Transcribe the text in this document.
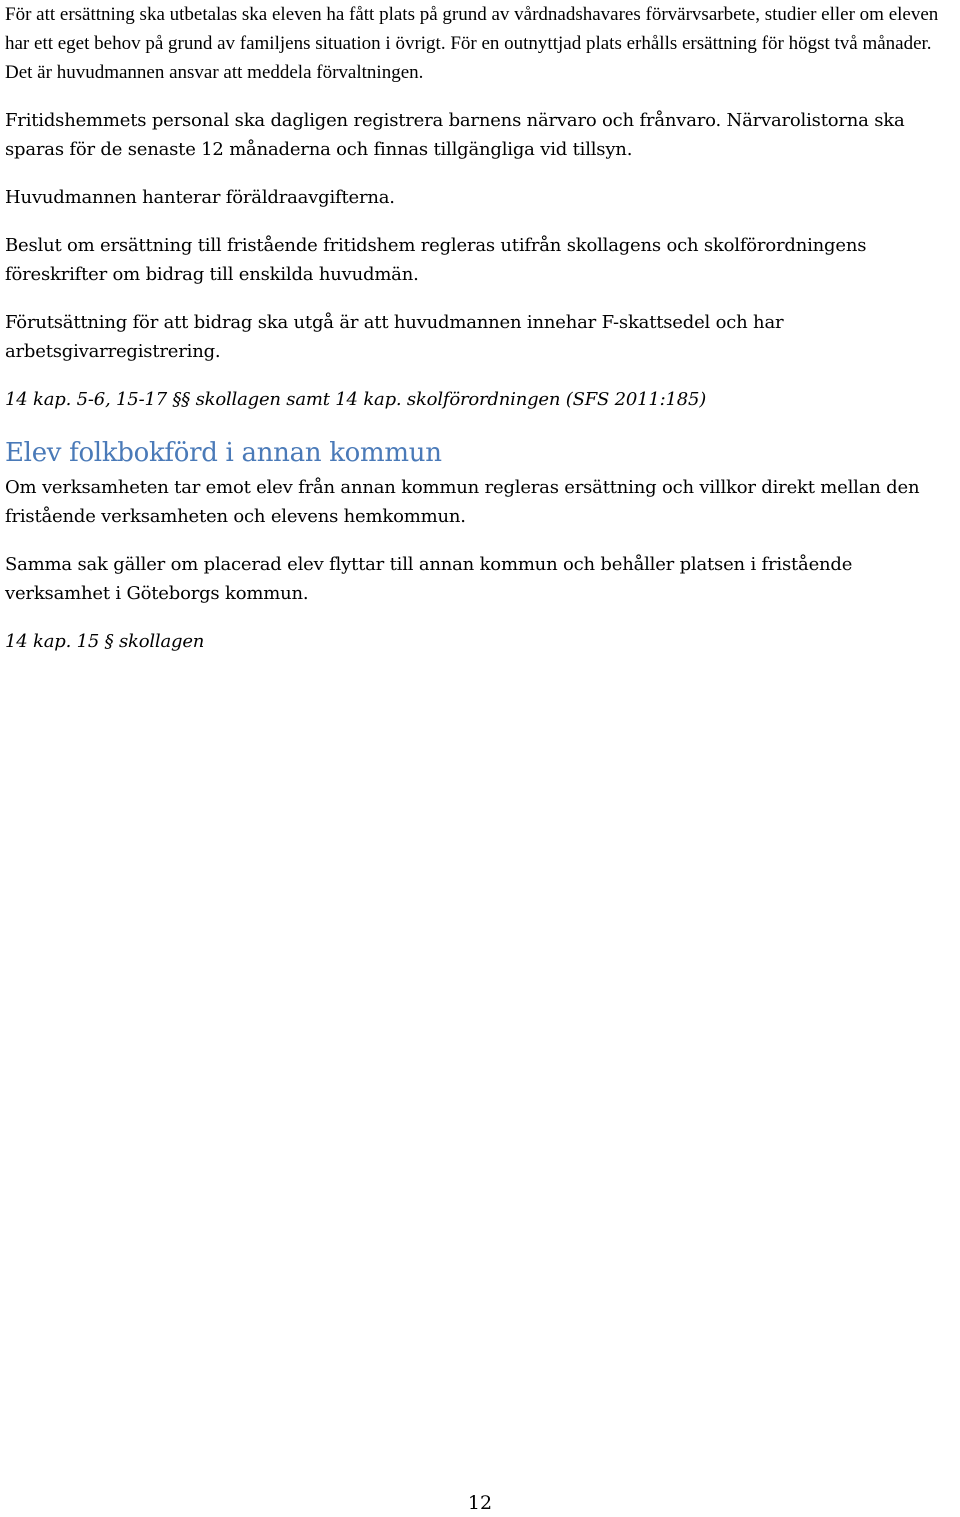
För att ersättning ska utbetalas ska eleven ha fått plats på grund av vårdnadshavares förvärvsarbete, studier eller om eleven har ett eget behov på grund av familjens situation i övrigt. För en outnyttjad plats erhålls ersättning för högst två månader. Det är huvudmannen ansvar att meddela förvaltningen.

Fritidshemmets personal ska dagligen registrera barnens närvaro och frånvaro. Närvarolistorna ska sparas för de senaste 12 månaderna och finnas tillgängliga vid tillsyn.

Huvudmannen hanterar föräldraavgifterna.

Beslut om ersättning till fristående fritidshem regleras utifrån skollagens och skolförordningens föreskrifter om bidrag till enskilda huvudmän.

Förutsättning för att bidrag ska utgå är att huvudmannen innehar F-skattsedel och har arbetsgivarregistrering.

14 kap. 5-6, 15-17 §§ skollagen samt 14 kap. skolförordningen (SFS 2011:185)

Elev folkbokförd i annan kommun

Om verksamheten tar emot elev från annan kommun regleras ersättning och villkor direkt mellan den fristående verksamheten och elevens hemkommun.

Samma sak gäller om placerad elev flyttar till annan kommun och behåller platsen i fristående verksamhet i Göteborgs kommun.

14 kap. 15 § skollagen

12
